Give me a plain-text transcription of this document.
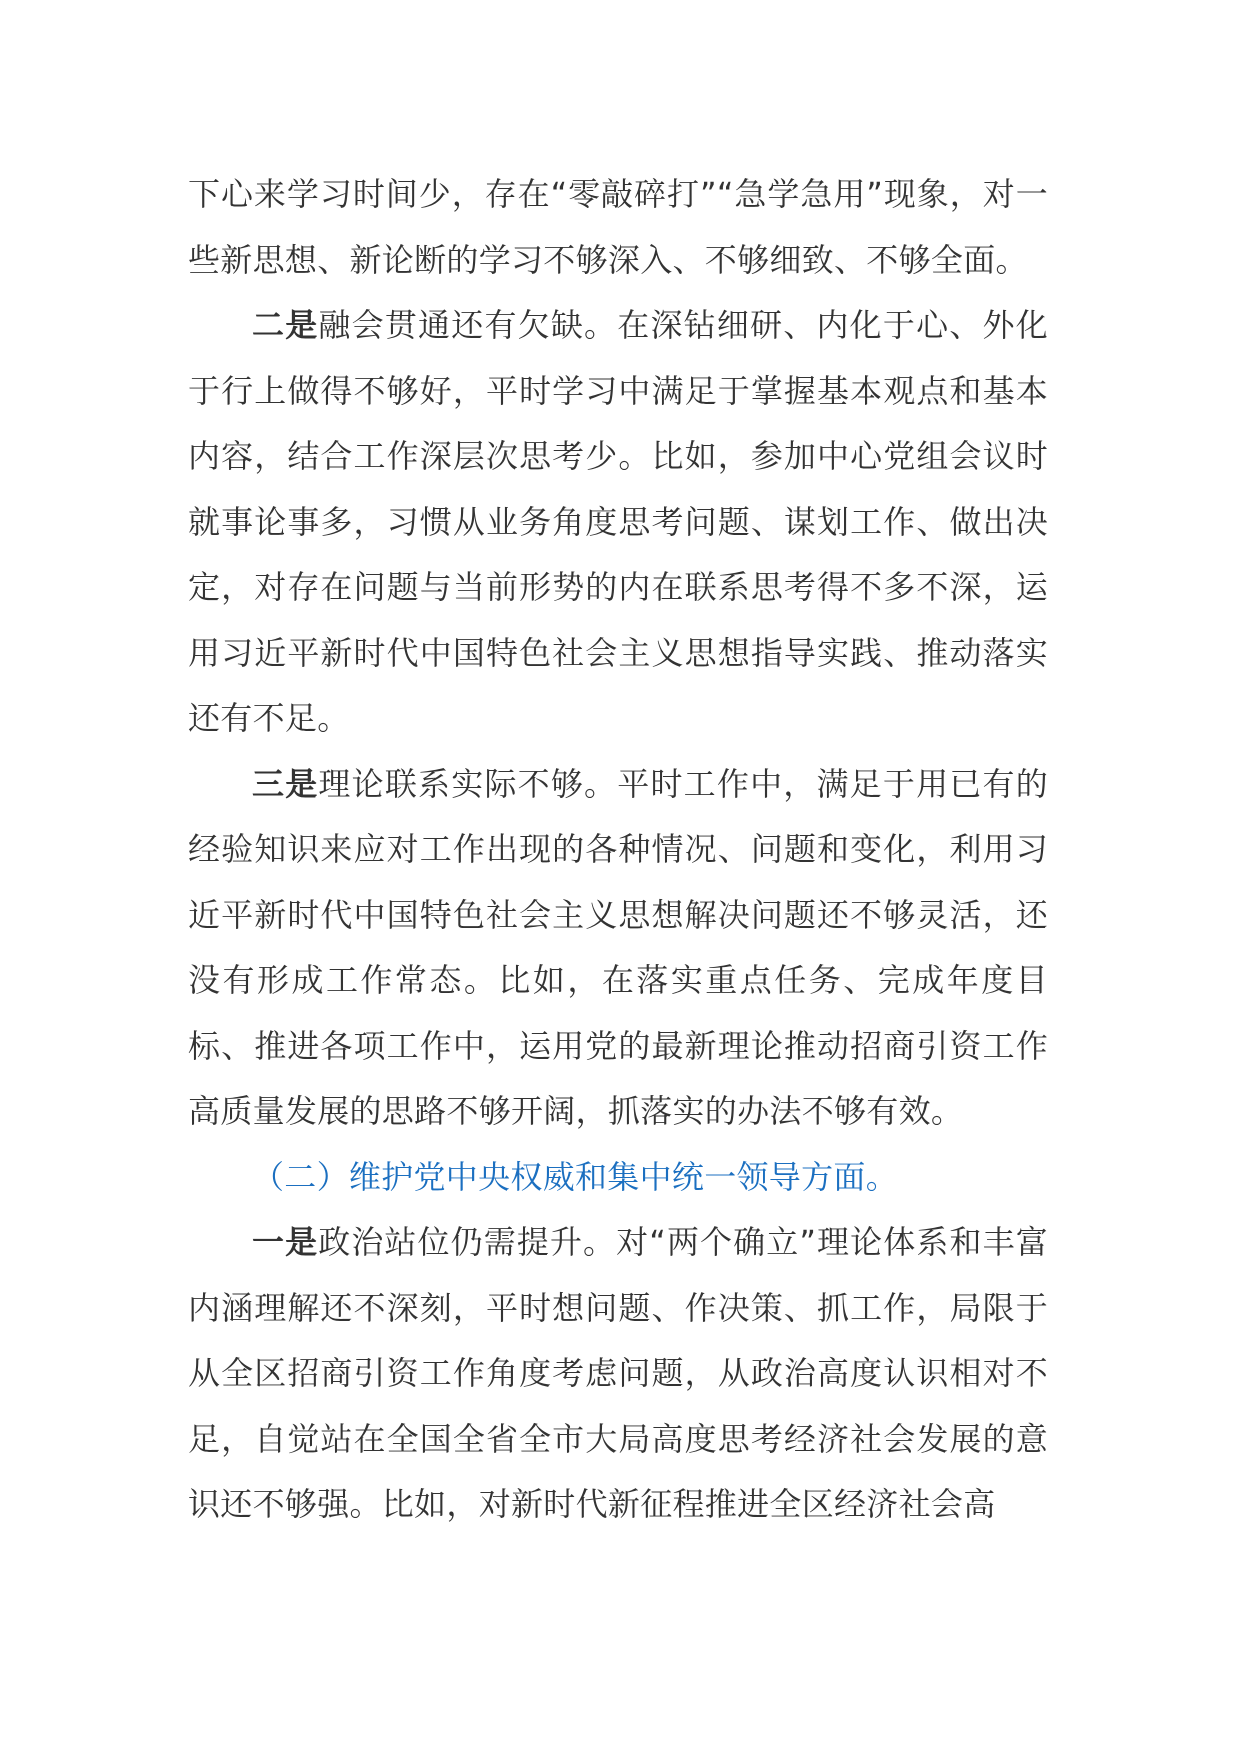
下心来学习时间少，存在“零敲碎打”“急学急用”现象，对一些新思想、新论断的学习不够深入、不够细致、不够全面。

二是融会贯通还有欠缺。在深钻细研、内化于心、外化于行上做得不够好，平时学习中满足于掌握基本观点和基本内容，结合工作深层次思考少。比如，参加中心党组会议时就事论事多，习惯从业务角度思考问题、谋划工作、做出决定，对存在问题与当前形势的内在联系思考得不多不深，运用习近平新时代中国特色社会主义思想指导实践、推动落实还有不足。

三是理论联系实际不够。平时工作中，满足于用已有的经验知识来应对工作出现的各种情况、问题和变化，利用习近平新时代中国特色社会主义思想解决问题还不够灵活，还没有形成工作常态。比如，在落实重点任务、完成年度目标、推进各项工作中，运用党的最新理论推动招商引资工作高质量发展的思路不够开阔，抓落实的办法不够有效。

（二）维护党中央权威和集中统一领导方面。

一是政治站位仍需提升。对“两个确立”理论体系和丰富内涵理解还不深刻，平时想问题、作决策、抓工作，局限于从全区招商引资工作角度考虑问题，从政治高度认识相对不足，自觉站在全国全省全市大局高度思考经济社会发展的意识还不够强。比如，对新时代新征程推进全区经济社会高
